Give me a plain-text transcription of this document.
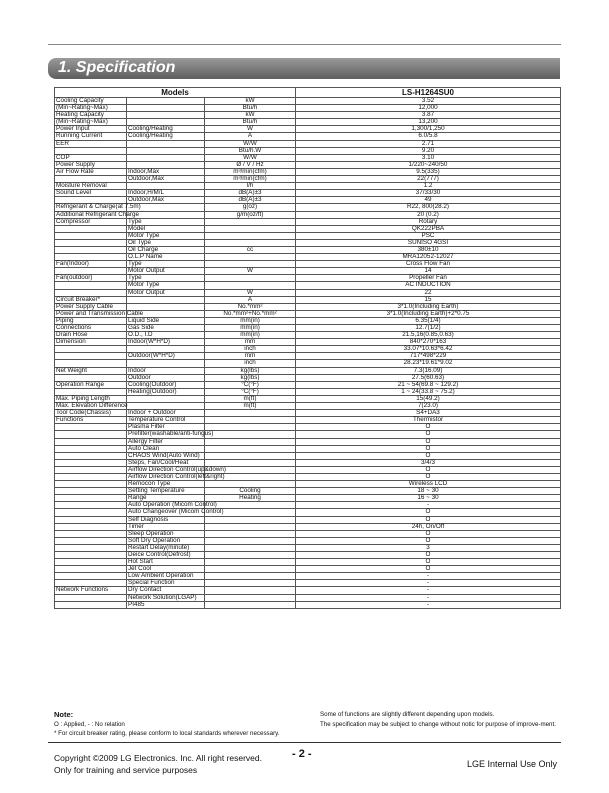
1. Specification
Models			LS-H1264SU0
Cooling Capacity		kW	3.52
(Min~Rating~Max)		Btu/h	12,000
Heating Capacity		kW	3.87
(Min~Rating~Max)		Btu/h	13,200
Power Input	Cooling/Heating	W	1,300/1,250
Running Current	Cooling/Heating	A	6.0/5.8
EER		W/W	2.71
		Btu/h.W	9.20
COP		W/W	3.10
Power Supply		Ø / V / Hz	1/220~240/50
Air Flow Rate	Indoor,Max	m³/min(cfm)	9.5(335)
	Outdoor,Max	m³/min(cfm)	22(777)
Moisture Removal		l/h	1.2
Sound Level	Indoor,H/M/L	dB(A)±3	37/33/30
	Outdoor,Max	dB(A)±3	49
Refrigerant & Charge(at 7.5m)		g(oz)	R22, 800(28.2)
Additional Refrigerant Charge		g/m(oz/ft)	20 (0.2)
Compressor	Type		Rotary
	Model		QK222PBA
	Motor Type		PSC
	Oil Type		SUNISO 4GSI
	Oil Charge	cc	380±10
	O.L.P Name		MRA12052-12027
Fan(Indoor)	Type		Cross Flow Fan
	Motor Output	W	14
Fan(outdoor)	Type		Propeller Fan
	Motor Type		AC INDUCTION
	Motor Output	W	22
Circuit Breaker*		A	15
Power Supply Cable		No.*mm²	3*1.0(Including Earth)
Power and Transmission Cable		No.*mm²+No.*mm²	3*1.0(Including Earth)+2*0.75
Piping	Liquid Side	mm(in)	6.35(1/4)
Connections	Gas Side	mm(in)	12.7(1/2)
Drain Hose	O.D., I.D	mm(in)	21.5,16(0.85,0.63)
Dimension	Indoor(W*H*D)	mm	840*270*163
		inch	33.07*10.63*6.42
	Outdoor(W*H*D)	mm	717*498*229
		inch	28.23*19.61*9.02
Net Weight	Indoor	kg(lbs)	7.3(16.09)
	Outdoor	kg(lbs)	27.5(60.63)
Operation Range	Cooling(Outdoor)	°C(°F)	21 ~ 54(69.8 ~ 129.2)
	Heating(Outdoor)	°C(°F)	1 ~ 24(33.8 ~ 75.2)
Max. Piping Length		m(ft)	15(49.2)
Max. Elevation Difference		m(ft)	7(23.0)
Tool Code(Chassis)	Indoor + Outdoor		S4+DA3
Functions	Temperature Control		Thermistor
	Plasma Filter		O
	Prefilter(washable/anti-fungus)		O
	Allergy Filter		O
	Auto Clean		O
	CHAOS Wind(Auto Wind)		O
	Steps, Fan/Cool/Heat		3/4/3
	Airflow Direction Control(up&down)		O
	Airflow Direction Control(left&right)		O
	Remocon Type		Wireless LCD
	Setting Temperature	Cooling	18 ~ 30
	Range	Heating	16 ~ 30
	Auto Operation (Micom Control)		-
	Auto Changeover (Micom Control)		O
	Self Diagnosis		O
	Timer		24h, On/Off
	Sleep Operation		O
	Soft Dry Operation		O
	Restart Delay(minute)		3
	Deice Control(Defrost)		O
	Hot Start		O
	Jet Cool		O
	Low Ambient Operation		-
	Special Function		-
Network Functions	Dry Contact		-
	Network Solution(LGAP)		-
	PI485		-
Note:
O : Applied, - : No relation
* For circuit breaker rating, please conform to local standards wherever necessary.
Some of functions are slightly different depending upon models.
The specification may be subject to change without notic for purpose of improve-ment.
Copyright ©2009 LG Electronics. Inc. All right reserved.
Only for training and service purposes
- 2 -
LGE Internal Use Only
